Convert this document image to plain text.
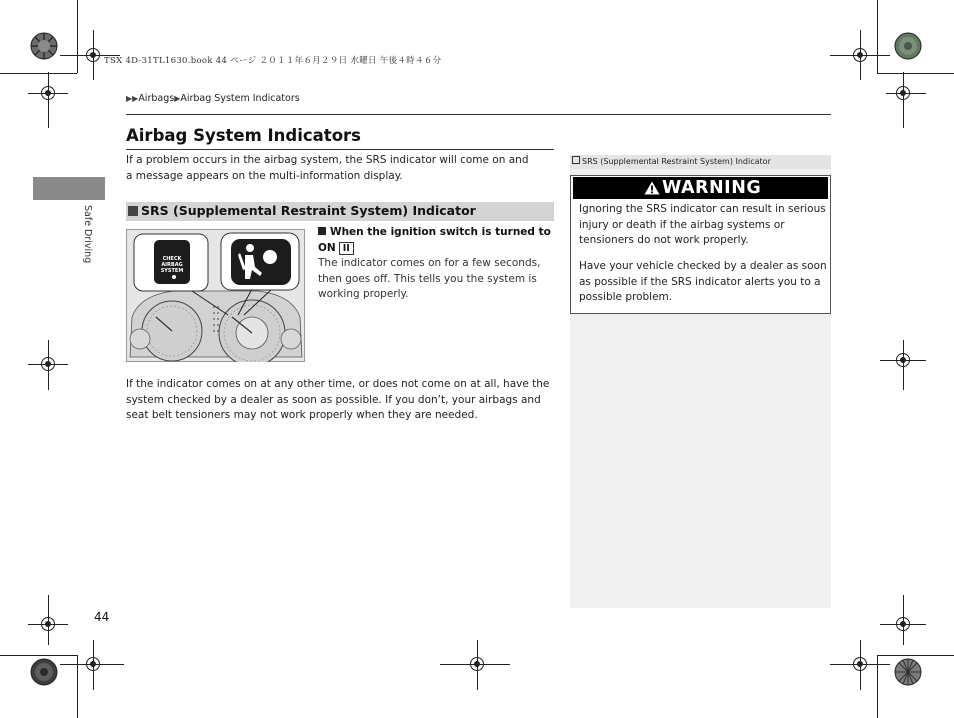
TSX 4D-31TL1630.book 44 ページ ２０１１年６月２９日 水曜日 午後４時４６分
▶▶Airbags▶Airbag System Indicators
Safe Driving
Airbag System Indicators
If a problem occurs in the airbag system, the SRS indicator will come on and a message appears on the multi-information display.
SRS (Supplemental Restraint System) Indicator
CHECK
AIRBAG
SYSTEM
When the ignition switch is turned to ON II
The indicator comes on for a few seconds, then goes off. This tells you the system is working properly.
If the indicator comes on at any other time, or does not come on at all, have the system checked by a dealer as soon as possible. If you don’t, your airbags and seat belt tensioners may not work properly when they are needed.
SRS (Supplemental Restraint System) Indicator
WARNING
Ignoring the SRS indicator can result in serious injury or death if the airbag systems or tensioners do not work properly.
Have your vehicle checked by a dealer as soon as possible if the SRS indicator alerts you to a possible problem.
44
